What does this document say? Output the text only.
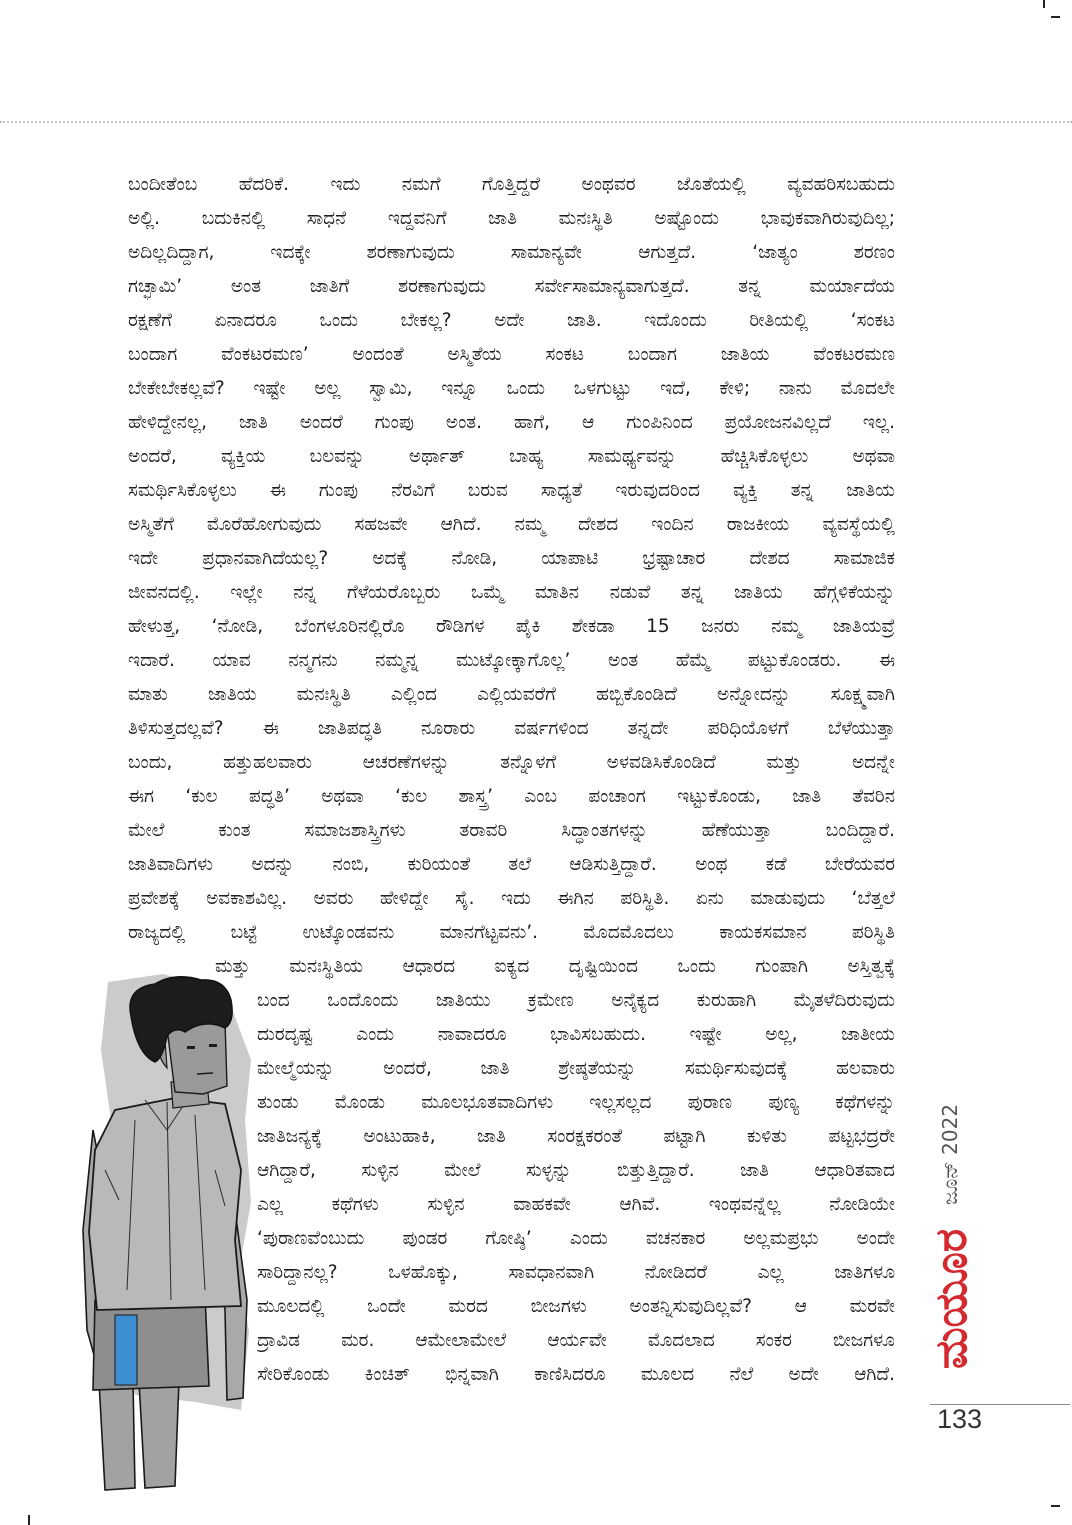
ಬಂದೀತೆಂಬ ಹೆದರಿಕೆ. ಇದು ನಮಗೆ ಗೊತ್ತಿದ್ದರೆ ಅಂಥವರ ಜೊತೆಯಲ್ಲಿ ವ್ಯವಹರಿಸಬಹುದು
ಅಲ್ಲಿ. ಬದುಕಿನಲ್ಲಿ ಸಾಧನೆ ಇದ್ದವನಿಗೆ ಜಾತಿ ಮನಃಸ್ಥಿತಿ ಅಷ್ಟೊಂದು ಭಾವುಕವಾಗಿರುವುದಿಲ್ಲ;
ಅದಿಲ್ಲದಿದ್ದಾಗ, ಇದಕ್ಕೇ ಶರಣಾಗುವುದು ಸಾಮಾನ್ಯವೇ ಆಗುತ್ತದೆ. ‘ಜಾತ್ಯಂ ಶರಣಂ
ಗಚ್ಛಾಮಿ’ ಅಂತ ಜಾತಿಗೆ ಶರಣಾಗುವುದು ಸರ್ವೇಸಾಮಾನ್ಯವಾಗುತ್ತದೆ. ತನ್ನ ಮರ್ಯಾದೆಯ
ರಕ್ಷಣೆಗೆ ಏನಾದರೂ ಒಂದು ಬೇಕಲ್ಲ? ಅದೇ ಜಾತಿ. ಇದೊಂದು ರೀತಿಯಲ್ಲಿ ‘ಸಂಕಟ
ಬಂದಾಗ ವೆಂಕಟರಮಣ’ ಅಂದಂತೆ ಅಸ್ಮಿತೆಯ ಸಂಕಟ ಬಂದಾಗ ಜಾತಿಯ ವೆಂಕಟರಮಣ
ಬೇಕೇಬೇಕಲ್ಲವೆ? ಇಷ್ಟೇ ಅಲ್ಲ ಸ್ವಾಮಿ, ಇನ್ನೂ ಒಂದು ಒಳಗುಟ್ಟು ಇದೆ, ಕೇಳಿ; ನಾನು ಮೊದಲೇ
ಹೇಳಿದ್ದೇನಲ್ಲ, ಜಾತಿ ಅಂದರೆ ಗುಂಪು ಅಂತ. ಹಾಗೆ, ಆ ಗುಂಪಿನಿಂದ ಪ್ರಯೋಜನವಿಲ್ಲದೆ ಇಲ್ಲ.
ಅಂದರೆ, ವ್ಯಕ್ತಿಯ ಬಲವನ್ನು ಅರ್ಥಾತ್ ಬಾಹ್ಯ ಸಾಮರ್ಥ್ಯವನ್ನು ಹೆಚ್ಚಿಸಿಕೊಳ್ಳಲು ಅಥವಾ
ಸಮರ್ಥಿಸಿಕೊಳ್ಳಲು ಈ ಗುಂಪು ನೆರವಿಗೆ ಬರುವ ಸಾಧ್ಯತೆ ಇರುವುದರಿಂದ ವ್ಯಕ್ತಿ ತನ್ನ ಜಾತಿಯ
ಅಸ್ಮಿತೆಗೆ ಮೊರೆಹೋಗುವುದು ಸಹಜವೇ ಆಗಿದೆ. ನಮ್ಮ ದೇಶದ ಇಂದಿನ ರಾಜಕೀಯ ವ್ಯವಸ್ಥೆಯಲ್ಲಿ
ಇದೇ ಪ್ರಧಾನವಾಗಿದೆಯಲ್ಲ? ಅದಕ್ಕೆ ನೋಡಿ, ಯಾಪಾಟಿ ಭ್ರಷ್ಟಾಚಾರ ದೇಶದ ಸಾಮಾಜಿಕ
ಜೀವನದಲ್ಲಿ. ಇಲ್ಲೇ ನನ್ನ ಗೆಳೆಯರೊಬ್ಬರು ಒಮ್ಮೆ ಮಾತಿನ ನಡುವೆ ತನ್ನ ಜಾತಿಯ ಹೆಗ್ಗಳಿಕೆಯನ್ನು
ಹೇಳುತ್ತ, ‘ನೋಡಿ, ಬೆಂಗಳೂರಿನಲ್ಲಿರೊ ರೌಡಿಗಳ ಪೈಕಿ ಶೇಕಡಾ 15 ಜನರು ನಮ್ಮ ಜಾತಿಯವ್ರೆ
ಇದಾರೆ. ಯಾವ ನನ್ಮಗನು ನಮ್ಮನ್ನ ಮುಟ್ಕೋಕ್ಕಾಗೊಲ್ಲ’ ಅಂತ ಹೆಮ್ಮೆ ಪಟ್ಟುಕೊಂಡರು. ಈ
ಮಾತು ಜಾತಿಯ ಮನಃಸ್ಥಿತಿ ಎಲ್ಲಿಂದ ಎಲ್ಲಿಯವರೆಗೆ ಹಬ್ಬಿಕೊಂಡಿದೆ ಅನ್ನೋದನ್ನು ಸೂಕ್ಷ್ಮವಾಗಿ
ತಿಳಿಸುತ್ತದಲ್ಲವೆ? ಈ ಜಾತಿಪದ್ಧತಿ ನೂರಾರು ವರ್ಷಗಳಿಂದ ತನ್ನದೇ ಪರಿಧಿಯೊಳಗೆ ಬೆಳೆಯುತ್ತಾ
ಬಂದು, ಹತ್ತುಹಲವಾರು ಆಚರಣೆಗಳನ್ನು ತನ್ನೊಳಗೆ ಅಳವಡಿಸಿಕೊಂಡಿದೆ ಮತ್ತು ಅದನ್ನೇ
ಈಗ ‘ಕುಲ ಪದ್ಧತಿ’ ಅಥವಾ ‘ಕುಲ ಶಾಸ್ತ್ರ’ ಎಂಬ ಪಂಚಾಂಗ ಇಟ್ಟುಕೊಂಡು, ಜಾತಿ ತೆವರಿನ
ಮೇಲೆ ಕುಂತ ಸಮಾಜಶಾಸ್ತ್ರಿಗಳು ತರಾವರಿ ಸಿದ್ಧಾಂತಗಳನ್ನು ಹೆಣೆಯುತ್ತಾ ಬಂದಿದ್ದಾರೆ.
ಜಾತಿವಾದಿಗಳು ಅದನ್ನು ನಂಬಿ, ಕುರಿಯಂತೆ ತಲೆ ಆಡಿಸುತ್ತಿದ್ದಾರೆ. ಅಂಥ ಕಡೆ ಬೇರೆಯವರ
ಪ್ರವೇಶಕ್ಕೆ ಅವಕಾಶವಿಲ್ಲ. ಅವರು ಹೇಳಿದ್ದೇ ಸೈ. ಇದು ಈಗಿನ ಪರಿಸ್ಥಿತಿ. ಏನು ಮಾಡುವುದು ‘ಬೆತ್ತಲೆ
ರಾಜ್ಯದಲ್ಲಿ ಬಟ್ಟೆ ಉಟ್ಕೊಂಡವನು ಮಾನಗೆಟ್ಟವನು’. ಮೊದಮೊದಲು ಕಾಯಕಸಮಾನ ಪರಿಸ್ಥಿತಿ
ಮತ್ತು ಮನಃಸ್ಥಿತಿಯ ಆಧಾರದ ಐಕ್ಯದ ದೃಷ್ಟಿಯಿಂದ ಒಂದು ಗುಂಪಾಗಿ ಅಸ್ತಿತ್ವಕ್ಕೆ
ಬಂದ ಒಂದೊಂದು ಜಾತಿಯು ಕ್ರಮೇಣ ಅನೈಕ್ಯದ ಕುರುಹಾಗಿ ಮೈತಳೆದಿರುವುದು
ದುರದೃಷ್ಟ ಎಂದು ನಾವಾದರೂ ಭಾವಿಸಬಹುದು. ಇಷ್ಟೇ ಅಲ್ಲ, ಜಾತೀಯ
ಮೇಲ್ಮೆಯನ್ನು ಅಂದರೆ, ಜಾತಿ ಶ್ರೇಷ್ಠತೆಯನ್ನು ಸಮರ್ಥಿಸುವುದಕ್ಕೆ ಹಲವಾರು
ತುಂಡು ಮೊಂಡು ಮೂಲಭೂತವಾದಿಗಳು ಇಲ್ಲಸಲ್ಲದ ಪುರಾಣ ಪುಣ್ಯ ಕಥೆಗಳನ್ನು
ಜಾತಿಜನ್ಯಕ್ಕೆ ಅಂಟುಹಾಕಿ, ಜಾತಿ ಸಂರಕ್ಷಕರಂತೆ ಪಟ್ಟಾಗಿ ಕುಳಿತು ಪಟ್ಟಭದ್ರರೇ
ಆಗಿದ್ದಾರೆ, ಸುಳ್ಳಿನ ಮೇಲೆ ಸುಳ್ಳನ್ನು ಬಿತ್ತುತ್ತಿದ್ದಾರೆ. ಜಾತಿ ಆಧಾರಿತವಾದ
ಎಲ್ಲ ಕಥೆಗಳು ಸುಳ್ಳಿನ ವಾಹಕವೇ ಆಗಿವೆ. ಇಂಥವನ್ನೆಲ್ಲ ನೋಡಿಯೇ
‘ಪುರಾಣವೆಂಬುದು ಪುಂಡರ ಗೋಷ್ಠಿ’ ಎಂದು ವಚನಕಾರ ಅಲ್ಲಮಪ್ರಭು ಅಂದೇ
ಸಾರಿದ್ದಾನಲ್ಲ? ಒಳಹೊಕ್ಕು, ಸಾವಧಾನವಾಗಿ ನೋಡಿದರೆ ಎಲ್ಲ ಜಾತಿಗಳೂ
ಮೂಲದಲ್ಲಿ ಒಂದೇ ಮರದ ಬೀಜಗಳು ಅಂತನ್ನಿಸುವುದಿಲ್ಲವೆ? ಆ ಮರವೇ
ದ್ರಾವಿಡ ಮರ. ಆಮೇಲಾಮೇಲೆ ಆರ್ಯವೇ ಮೊದಲಾದ ಸಂಕರ ಬೀಜಗಳೂ
ಸೇರಿಕೊಂಡು ಕಿಂಚಿತ್ ಭಿನ್ನವಾಗಿ ಕಾಣಿಸಿದರೂ ಮೂಲದ ನೆಲೆ ಅದೇ ಆಗಿದೆ.
ಜೂನ್ 2022
ಮಯೂರ
133
